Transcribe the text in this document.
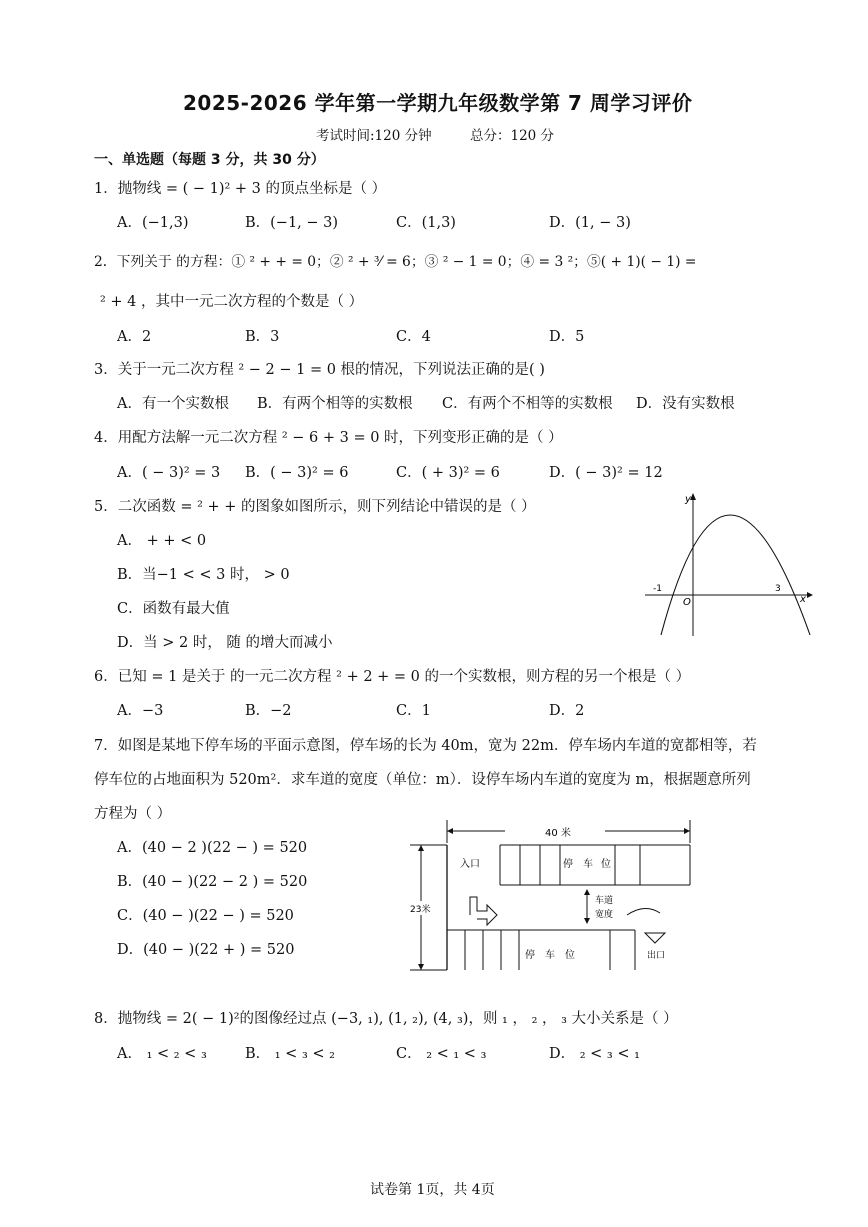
2025-2026 学年第一学期九年级数学第 7 周学习评价
考试时间:120 分钟	总分：120 分
一、单选题（每题 3 分，共 30 分）
1．抛物线 = ( − 1)² + 3 的顶点坐标是（ ）
A．(−1,3)	B．(−1, − 3)	C．(1,3)	D．(1, − 3)
2．下列关于 的方程：① ² + + = 0；② ² + ³⁄ = 6；③ ² − 1 = 0；④ = 3 ²；⑤( + 1)( − 1) =
² + 4 ，其中一元二次方程的个数是（ ）
A．2	B．3	C．4	D．5
3．关于一元二次方程 ² − 2 − 1 = 0 根的情况，下列说法正确的是( )
A．有一个实数根 B．有两个相等的实数根 C．有两个不相等的实数根 D．没有实数根
4．用配方法解一元二次方程 ² − 6 + 3 = 0 时，下列变形正确的是（ ）
A．( − 3)² = 3 B．( − 3)² = 6	C．( + 3)² = 6	D．( − 3)² = 12
5．二次函数 = ² + + 的图象如图所示，则下列结论中错误的是（ ）
A． + + < 0
B．当−1 < < 3 时， > 0
C．函数有最大值
D．当 > 2 时， 随 的增大而减小
y
x
O
-1	3
6．已知 = 1 是关于 的一元二次方程 ² + 2 + = 0 的一个实数根，则方程的另一个根是（ ）
A．−3	B．−2	C．1	D．2
7．如图是某地下停车场的平面示意图，停车场的长为 40m，宽为 22m．停车场内车道的宽都相等，若
停车位的占地面积为 520m²．求车道的宽度（单位：m）．设停车场内车道的宽度为 m，根据题意所列
方程为（ ）
A．(40 − 2 )(22 − ) = 520
B．(40 − )(22 − 2 ) = 520
C．(40 − )(22 − ) = 520
D．(40 − )(22 + ) = 520
40 米
23米
停 车 位
入口
车道
宽度
停 车 位	出口
8．抛物线 = 2( − 1)²的图像经过点 (−3, ₁), (1, ₂), (4, ₃)，则 ₁ ， ₂ ， ₃ 大小关系是（ ）
A． ₁ < ₂ < ₃	B． ₁ < ₃ < ₂	C． ₂ < ₁ < ₃	D． ₂ < ₃ < ₁
试卷第 1页，共 4页
